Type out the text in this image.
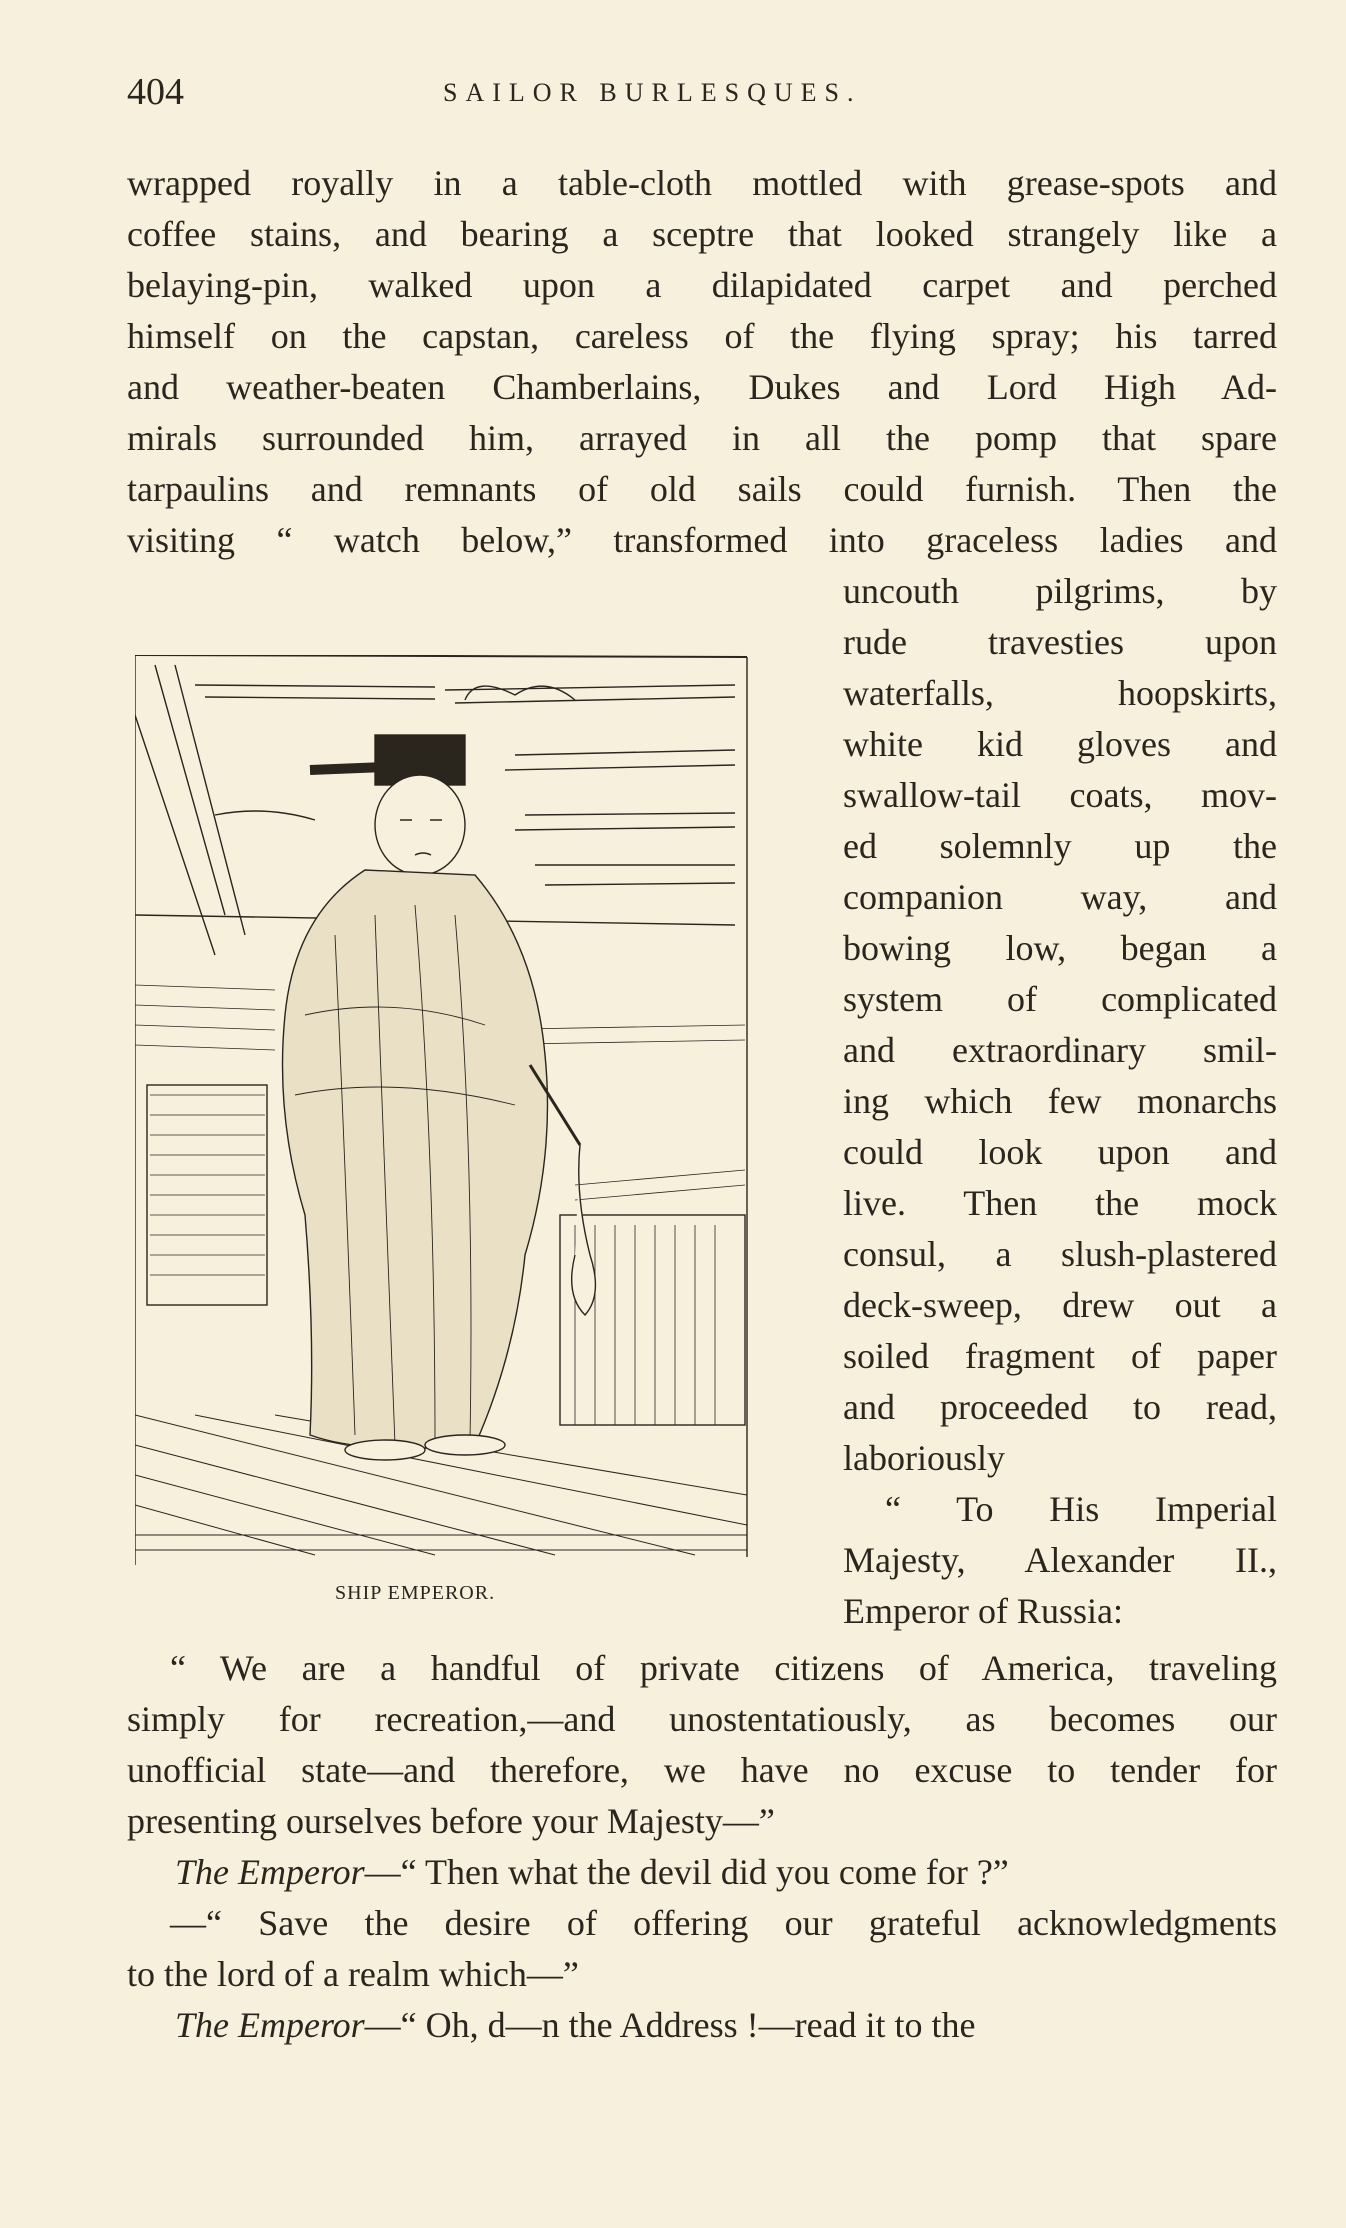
404	SAILOR BURLESQUES.
wrapped royally in a table-cloth mottled with grease-spots and
coffee stains, and bearing a sceptre that looked strangely like a
belaying-pin, walked upon a dilapidated carpet and perched
himself on the capstan, careless of the flying spray; his tarred
and weather-beaten Chamberlains, Dukes and Lord High Ad-
mirals surrounded him, arrayed in all the pomp that spare
tarpaulins and remnants of old sails could furnish. Then the
visiting “ watch below,” transformed into graceless ladies and
uncouth pilgrims, by
rude travesties upon
waterfalls, hoopskirts,
white kid gloves and
swallow-tail coats, mov-
ed solemnly up the
companion way, and
bowing low, began a
system of complicated
and extraordinary smil-
ing which few monarchs
could look upon and
live. Then the mock
consul, a slush-plastered
deck-sweep, drew out a
soiled fragment of paper
and proceeded to read,
laboriously
“ To His Imperial
Majesty, Alexander II.,
Emperor of Russia:
“ We are a handful of private citizens of America, traveling
simply for recreation,—and unostentatiously, as becomes our
unofficial state—and therefore, we have no excuse to tender for
presenting ourselves before your Majesty—”
The Emperor—“ Then what the devil did you come for ?”
—“ Save the desire of offering our grateful acknowledgments
to the lord of a realm which—”
The Emperor—“ Oh, d—n the Address !—read it to the
SHIP EMPEROR.
